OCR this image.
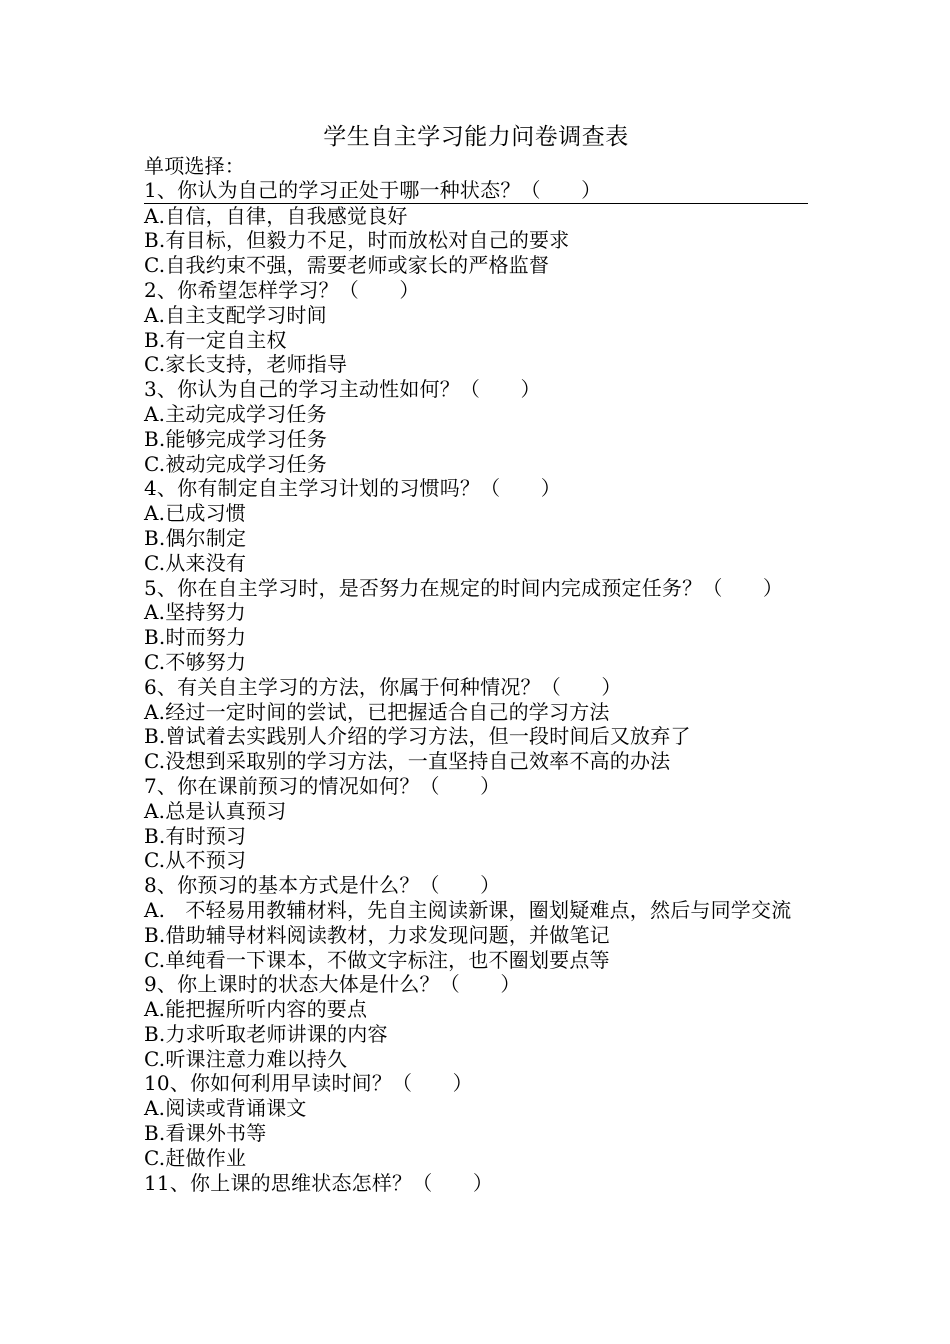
学生自主学习能力问卷调查表
单项选择：
1、你认为自己的学习正处于哪一种状态？（　　）
A.自信，自律，自我感觉良好
B.有目标，但毅力不足，时而放松对自己的要求
C.自我约束不强，需要老师或家长的严格监督
2、你希望怎样学习？（　　）
A.自主支配学习时间
B.有一定自主权
C.家长支持，老师指导
3、你认为自己的学习主动性如何？（　　）
A.主动完成学习任务
B.能够完成学习任务
C.被动完成学习任务
4、你有制定自主学习计划的习惯吗？（　　）
A.已成习惯
B.偶尔制定
C.从来没有
5、你在自主学习时，是否努力在规定的时间内完成预定任务？（　　）
A.坚持努力
B.时而努力
C.不够努力
6、有关自主学习的方法，你属于何种情况？（　　）
A.经过一定时间的尝试，已把握适合自己的学习方法
B.曾试着去实践别人介绍的学习方法，但一段时间后又放弃了
C.没想到采取别的学习方法，一直坚持自己效率不高的办法
7、你在课前预习的情况如何？（　　）
A.总是认真预习
B.有时预习
C.从不预习
8、你预习的基本方式是什么？（　　）
A.　不轻易用教辅材料，先自主阅读新课，圈划疑难点，然后与同学交流
B.借助辅导材料阅读教材，力求发现问题，并做笔记
C.单纯看一下课本，不做文字标注，也不圈划要点等
9、你上课时的状态大体是什么？（　　）
A.能把握所听内容的要点
B.力求听取老师讲课的内容
C.听课注意力难以持久
10、你如何利用早读时间？（　　）
A.阅读或背诵课文
B.看课外书等
C.赶做作业
11、你上课的思维状态怎样？（　　）
